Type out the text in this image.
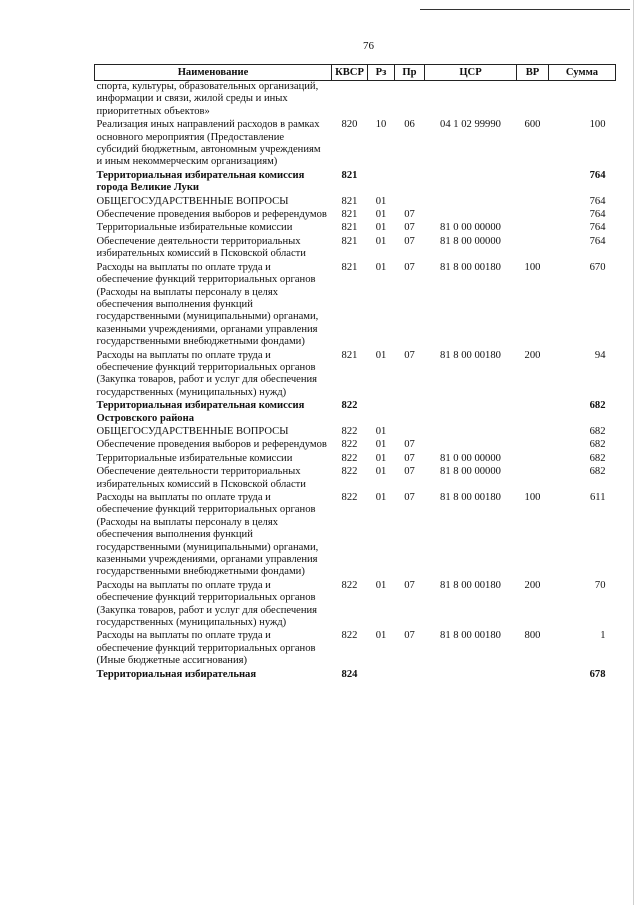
76
Наименование	КВСР	Рз	Пр	ЦСР	ВР	Сумма
спорта, культуры, образовательных организаций, информации и связи, жилой среды и иных приоритетных объектов»						
Реализация иных направлений расходов в рамках основного мероприятия (Предоставление субсидий бюджетным, автономным учреждениям и иным некоммерческим организациям)	820	10	06	04 1 02 99990	600	100
Территориальная избирательная комиссия города Великие Луки	821					764
ОБЩЕГОСУДАРСТВЕННЫЕ ВОПРОСЫ	821	01				764
Обеспечение проведения выборов и референдумов	821	01	07			764
Территориальные избирательные комиссии	821	01	07	81 0 00 00000		764
Обеспечение деятельности территориальных избирательных комиссий в Псковской области	821	01	07	81 8 00 00000		764
Расходы на выплаты по оплате труда и обеспечение функций территориальных органов (Расходы на выплаты персоналу в целях обеспечения выполнения функций государственными (муниципальными) органами, казенными учреждениями, органами управления государственными внебюджетными фондами)	821	01	07	81 8 00 00180	100	670
Расходы на выплаты по оплате труда и обеспечение функций территориальных органов (Закупка товаров, работ и услуг для обеспечения государственных (муниципальных) нужд)	821	01	07	81 8 00 00180	200	94
Территориальная избирательная комиссия Островского района	822					682
ОБЩЕГОСУДАРСТВЕННЫЕ ВОПРОСЫ	822	01				682
Обеспечение проведения выборов и референдумов	822	01	07			682
Территориальные избирательные комиссии	822	01	07	81 0 00 00000		682
Обеспечение деятельности территориальных избирательных комиссий в Псковской области	822	01	07	81 8 00 00000		682
Расходы на выплаты по оплате труда и обеспечение функций территориальных органов (Расходы на выплаты персоналу в целях обеспечения выполнения функций государственными (муниципальными) органами, казенными учреждениями, органами управления государственными внебюджетными фондами)	822	01	07	81 8 00 00180	100	611
Расходы на выплаты по оплате труда и обеспечение функций территориальных органов (Закупка товаров, работ и услуг для обеспечения государственных (муниципальных) нужд)	822	01	07	81 8 00 00180	200	70
Расходы на выплаты по оплате труда и обеспечение функций территориальных органов (Иные бюджетные ассигнования)	822	01	07	81 8 00 00180	800	1
Территориальная избирательная	824					678
